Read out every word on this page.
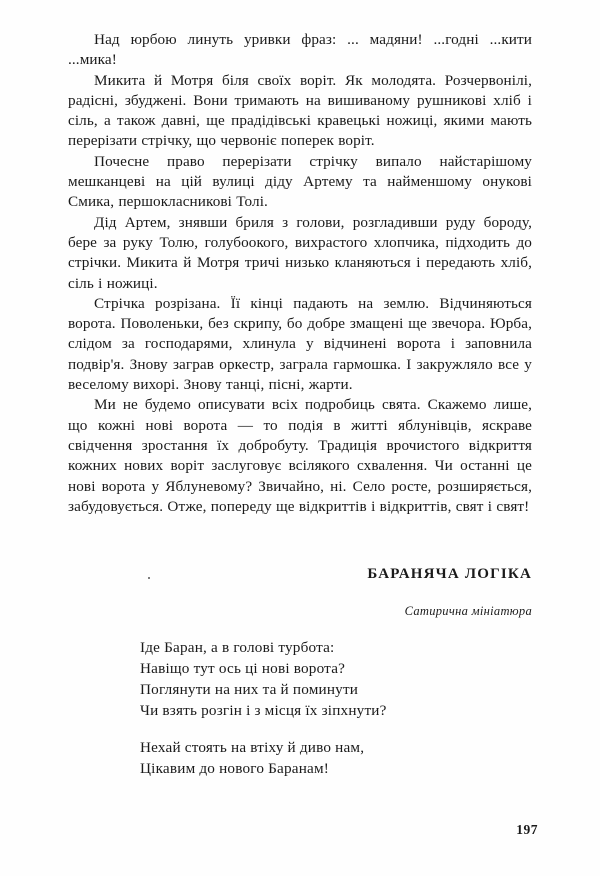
Над юрбою линуть уривки фраз: ... мадяни! ...годні ...кити ...мика!

Микита й Мотря біля своїх воріт. Як молодята. Розчервонілі, радісні, збуджені. Вони тримають на вишиваному рушникові хліб і сіль, а також давні, ще прадідівські кравецькі ножиці, якими мають перерізати стрічку, що червоніє поперек воріт.

Почесне право перерізати стрічку випало найстарішому мешканцеві на цій вулиці діду Артему та найменшому онукові Смика, першокласникові Толі.

Дід Артем, знявши бриля з голови, розгладивши руду бороду, бере за руку Толю, голубоокого, вихрастого хлопчика, підходить до стрічки. Микита й Мотря тричі низько кланяються і передають хліб, сіль і ножиці.

Стрічка розрізана. Її кінці падають на землю. Відчиняються ворота. Поволеньки, без скрипу, бо добре змащені ще звечора. Юрба, слідом за господарями, хлинула у відчинені ворота і заповнила подвір'я. Знову заграв оркестр, заграла гармошка. І закружляло все у веселому вихорі. Знову танці, пісні, жарти.

Ми не будемо описувати всіх подробиць свята. Скажемо лише, що кожні нові ворота — то подія в житті яблунівців, яскраве свідчення зростання їх добробуту. Традиція врочистого відкриття кожних нових воріт заслуговує всілякого схвалення. Чи останні це нові ворота у Яблуневому? Звичайно, ні. Село росте, розширяється, забудовується. Отже, попереду ще відкриттів і відкриттів, свят і свят!

БАРАНЯЧА ЛОГІКА
Сатирична мініатюра
Іде Баран, а в голові турбота:
Навіщо тут ось ці нові ворота?
Поглянути на них та й поминути
Чи взять розгін і з місця їх зіпхнути?
Нехай стоять на втіху й диво нам,
Цікавим до нового Баранам!
197
